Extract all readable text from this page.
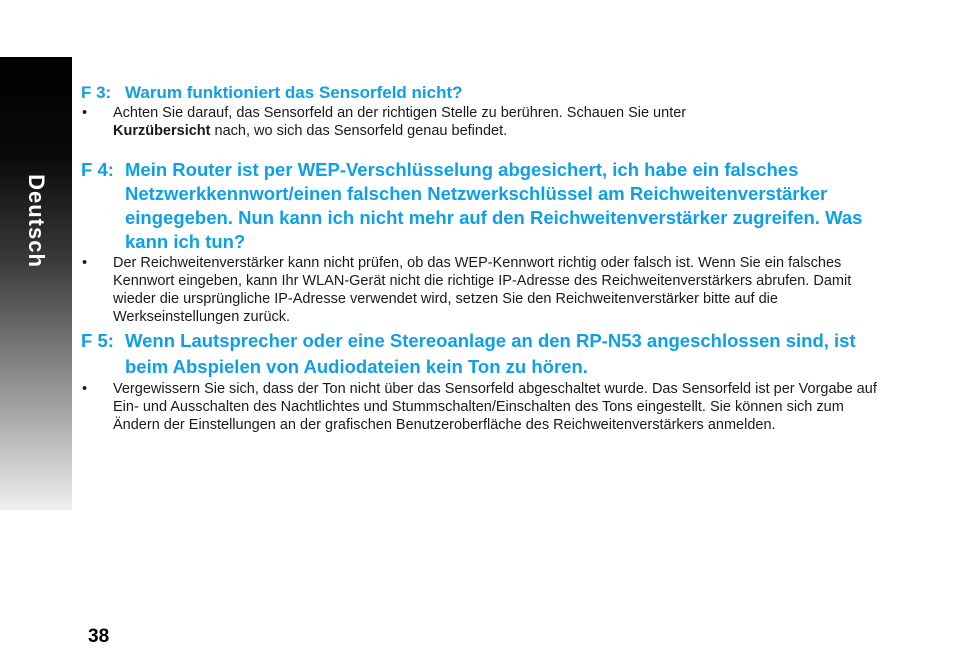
Deutsch
F 3: Warum funktioniert das Sensorfeld nicht?
•	Achten Sie darauf, das Sensorfeld an der richtigen Stelle zu berühren. Schauen Sie unter
Kurzübersicht nach, wo sich das Sensorfeld genau befindet.
F 4: Mein Router ist per WEP-Verschlüsselung abgesichert, ich habe ein falsches Netzwerkkennwort/einen falschen Netzwerkschlüssel am Reichweitenverstärker eingegeben. Nun kann ich nicht mehr auf den Reichweitenverstärker zugreifen. Was kann ich tun?
•	Der Reichweitenverstärker kann nicht prüfen, ob das WEP-Kennwort richtig oder falsch ist. Wenn Sie ein falsches Kennwort eingeben, kann Ihr WLAN-Gerät nicht die richtige IP-Adresse des Reichweitenverstärkers abrufen. Damit wieder die ursprüngliche IP-Adresse verwendet wird, setzen Sie den Reichweitenverstärker bitte auf die Werkseinstellungen zurück.
F 5: Wenn Lautsprecher oder eine Stereoanlage an den RP-N53 angeschlossen sind, ist beim Abspielen von Audiodateien kein Ton zu hören.
•	Vergewissern Sie sich, dass der Ton nicht über das Sensorfeld abgeschaltet wurde. Das Sensorfeld ist per Vorgabe auf Ein- und Ausschalten des Nachtlichtes und Stummschalten/Einschalten des Tons eingestellt. Sie können sich zum Ändern der Einstellungen an der grafischen Benutzeroberfläche des Reichweitenverstärkers anmelden.
38
